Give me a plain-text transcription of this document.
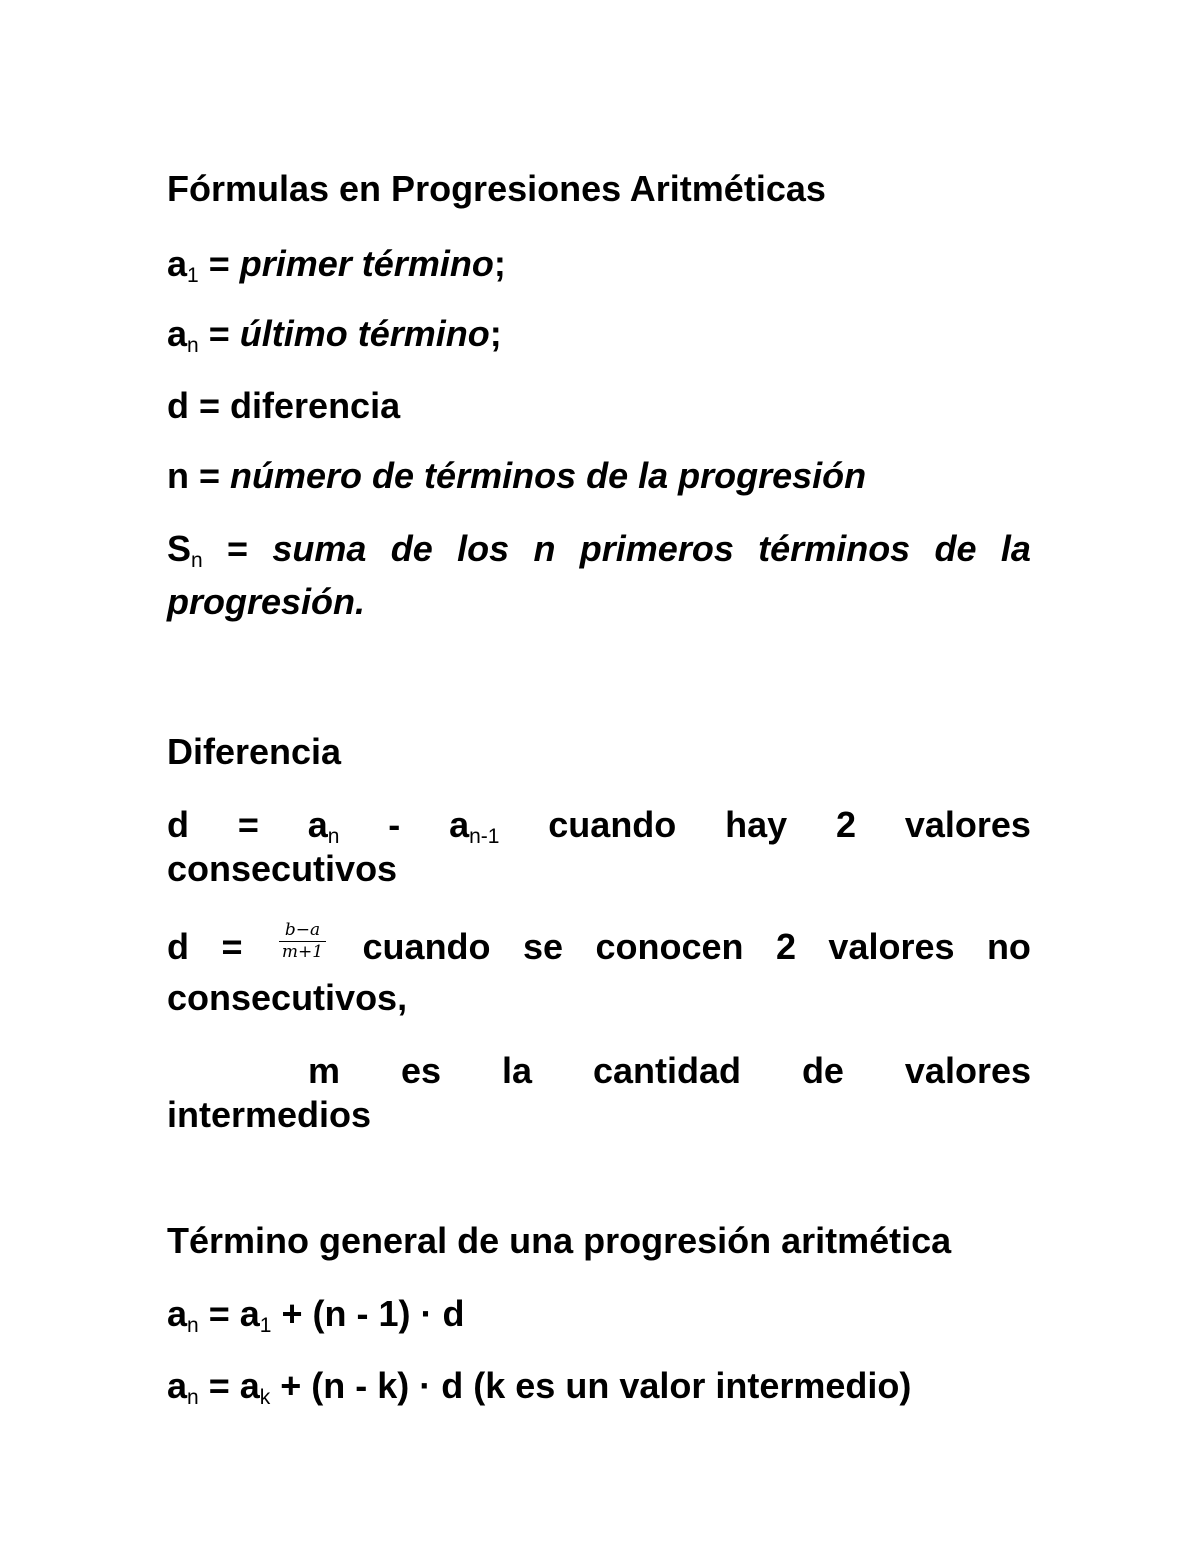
Fórmulas en Progresiones Aritméticas
$a_1$ = primer término;
$a_n$ = último término;
d = diferencia
n = número de términos de la progresión
$S_n$ = suma de los n primeros términos de la
progresión.
Diferencia
$d = a_n - a_{n-1}$ cuando hay 2 valores
consecutivos
$d = \frac{b-a}{m+1}$ cuando se conocen 2 valores no
consecutivos,
m es la cantidad de valores
intermedios
Término general de una progresión aritmética
$a_n = a_1 + (n - 1) \cdot d$
$a_n = a_k + (n - k) \cdot d$ (k es un valor intermedio)
